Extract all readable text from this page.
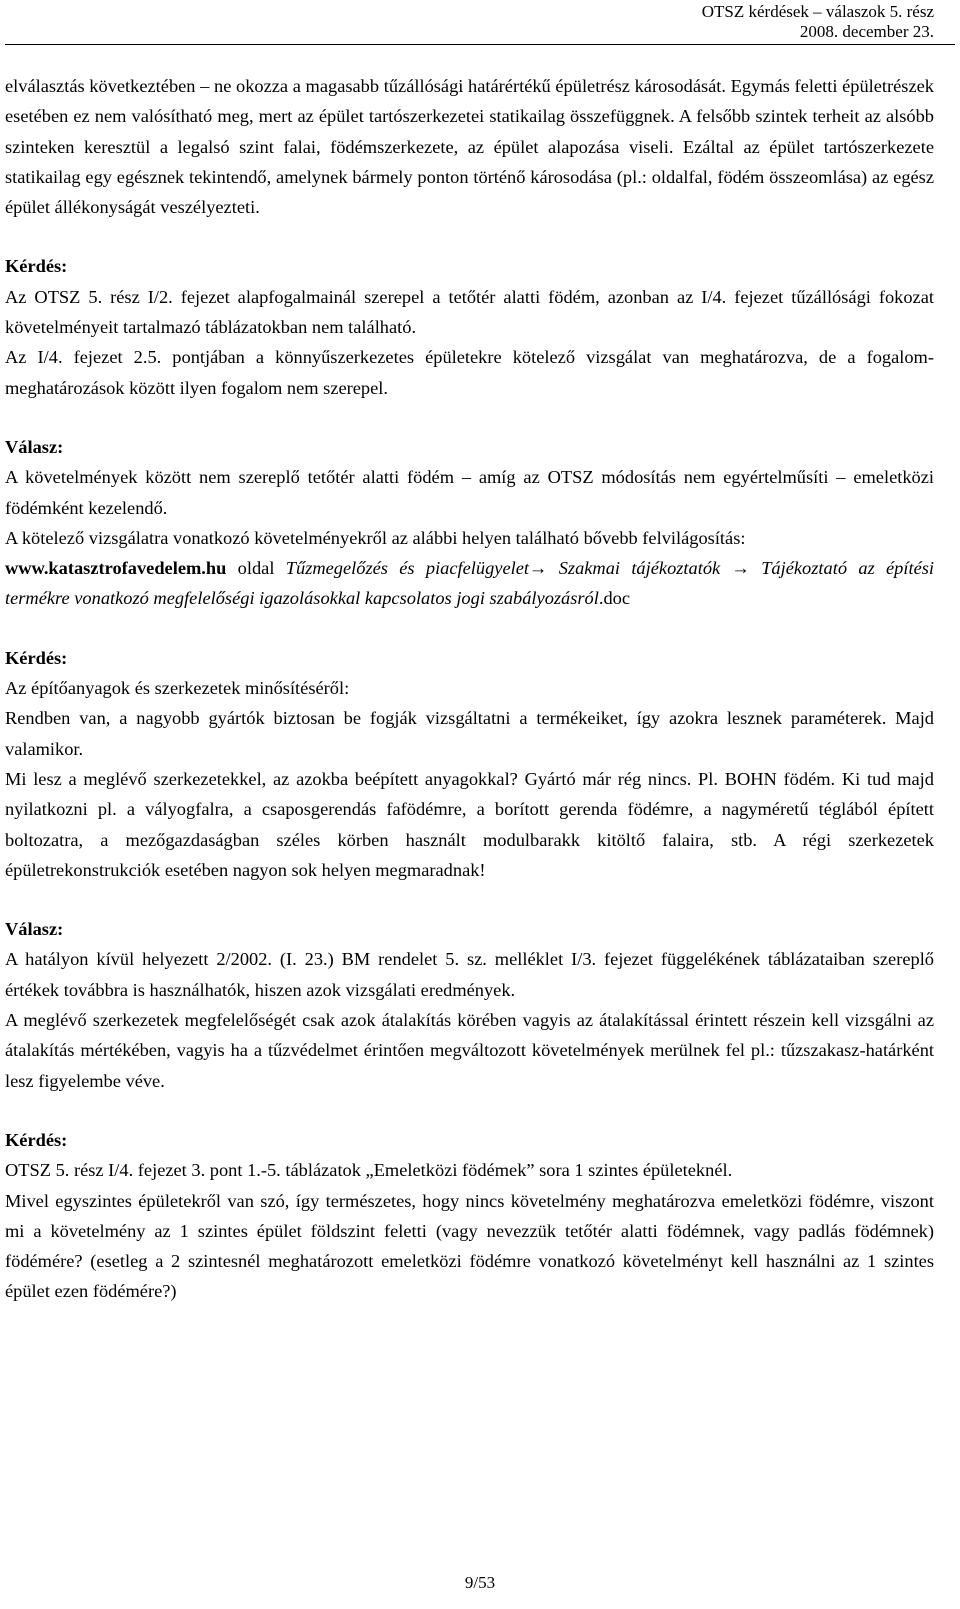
OTSZ kérdések – válaszok 5. rész
2008. december 23.

elválasztás következtében – ne okozza a magasabb tűzállósági határértékű épületrész károsodását. Egymás feletti épületrészek esetében ez nem valósítható meg, mert az épület tartószerkezetei statikailag összefüggnek. A felsőbb szintek terheit az alsóbb szinteken keresztül a legalsó szint falai, födémszerkezete, az épület alapozása viseli. Ezáltal az épület tartószerkezete statikailag egy egésznek tekintendő, amelynek bármely ponton történő károsodása (pl.: oldalfal, födém összeomlása) az egész épület állékonyságát veszélyezteti.

Kérdés:

Az OTSZ 5. rész I/2. fejezet alapfogalmainál szerepel a tetőtér alatti födém, azonban az I/4. fejezet tűzállósági fokozat követelményeit tartalmazó táblázatokban nem található.

Az I/4. fejezet 2.5. pontjában a könnyűszerkezetes épületekre kötelező vizsgálat van meghatározva, de a fogalom-meghatározások között ilyen fogalom nem szerepel.

Válasz:

A követelmények között nem szereplő tetőtér alatti födém – amíg az OTSZ módosítás nem egyértelműsíti – emeletközi födémként kezelendő.

A kötelező vizsgálatra vonatkozó követelményekről az alábbi helyen található bővebb felvilágosítás:

www.katasztrofavedelem.hu oldal Tűzmegelőzés és piacfelügyelet→ Szakmai tájékoztatók → Tájékoztató az építési termékre vonatkozó megfelelőségi igazolásokkal kapcsolatos jogi szabályozásról.doc

Kérdés:

Az építőanyagok és szerkezetek minősítéséről:

Rendben van, a nagyobb gyártók biztosan be fogják vizsgáltatni a termékeiket, így azokra lesznek paraméterek. Majd valamikor.

Mi lesz a meglévő szerkezetekkel, az azokba beépített anyagokkal? Gyártó már rég nincs. Pl. BOHN födém. Ki tud majd nyilatkozni pl. a vályogfalra, a csaposgerendás fafödémre, a borított gerenda födémre, a nagyméretű téglából épített boltozatra, a mezőgazdaságban széles körben használt modulbarakk kitöltő falaira, stb. A régi szerkezetek épületrekonstrukciók esetében nagyon sok helyen megmaradnak!

Válasz:

A hatályon kívül helyezett 2/2002. (I. 23.) BM rendelet 5. sz. melléklet I/3. fejezet függelékének táblázataiban szereplő értékek továbbra is használhatók, hiszen azok vizsgálati eredmények.

A meglévő szerkezetek megfelelőségét csak azok átalakítás körében vagyis az átalakítással érintett részein kell vizsgálni az átalakítás mértékében, vagyis ha a tűzvédelmet érintően megváltozott követelmények merülnek fel pl.: tűzszakasz-határként lesz figyelembe véve.

Kérdés:

OTSZ 5. rész I/4. fejezet 3. pont 1.-5. táblázatok „Emeletközi födémek” sora 1 szintes épületeknél.

Mivel egyszintes épületekről van szó, így természetes, hogy nincs követelmény meghatározva emeletközi födémre, viszont mi a követelmény az 1 szintes épület földszint feletti (vagy nevezzük tetőtér alatti födémnek, vagy padlás födémnek) födémére? (esetleg a 2 szintesnél meghatározott emeletközi födémre vonatkozó követelményt kell használni az 1 szintes épület ezen födémére?)

9/53
